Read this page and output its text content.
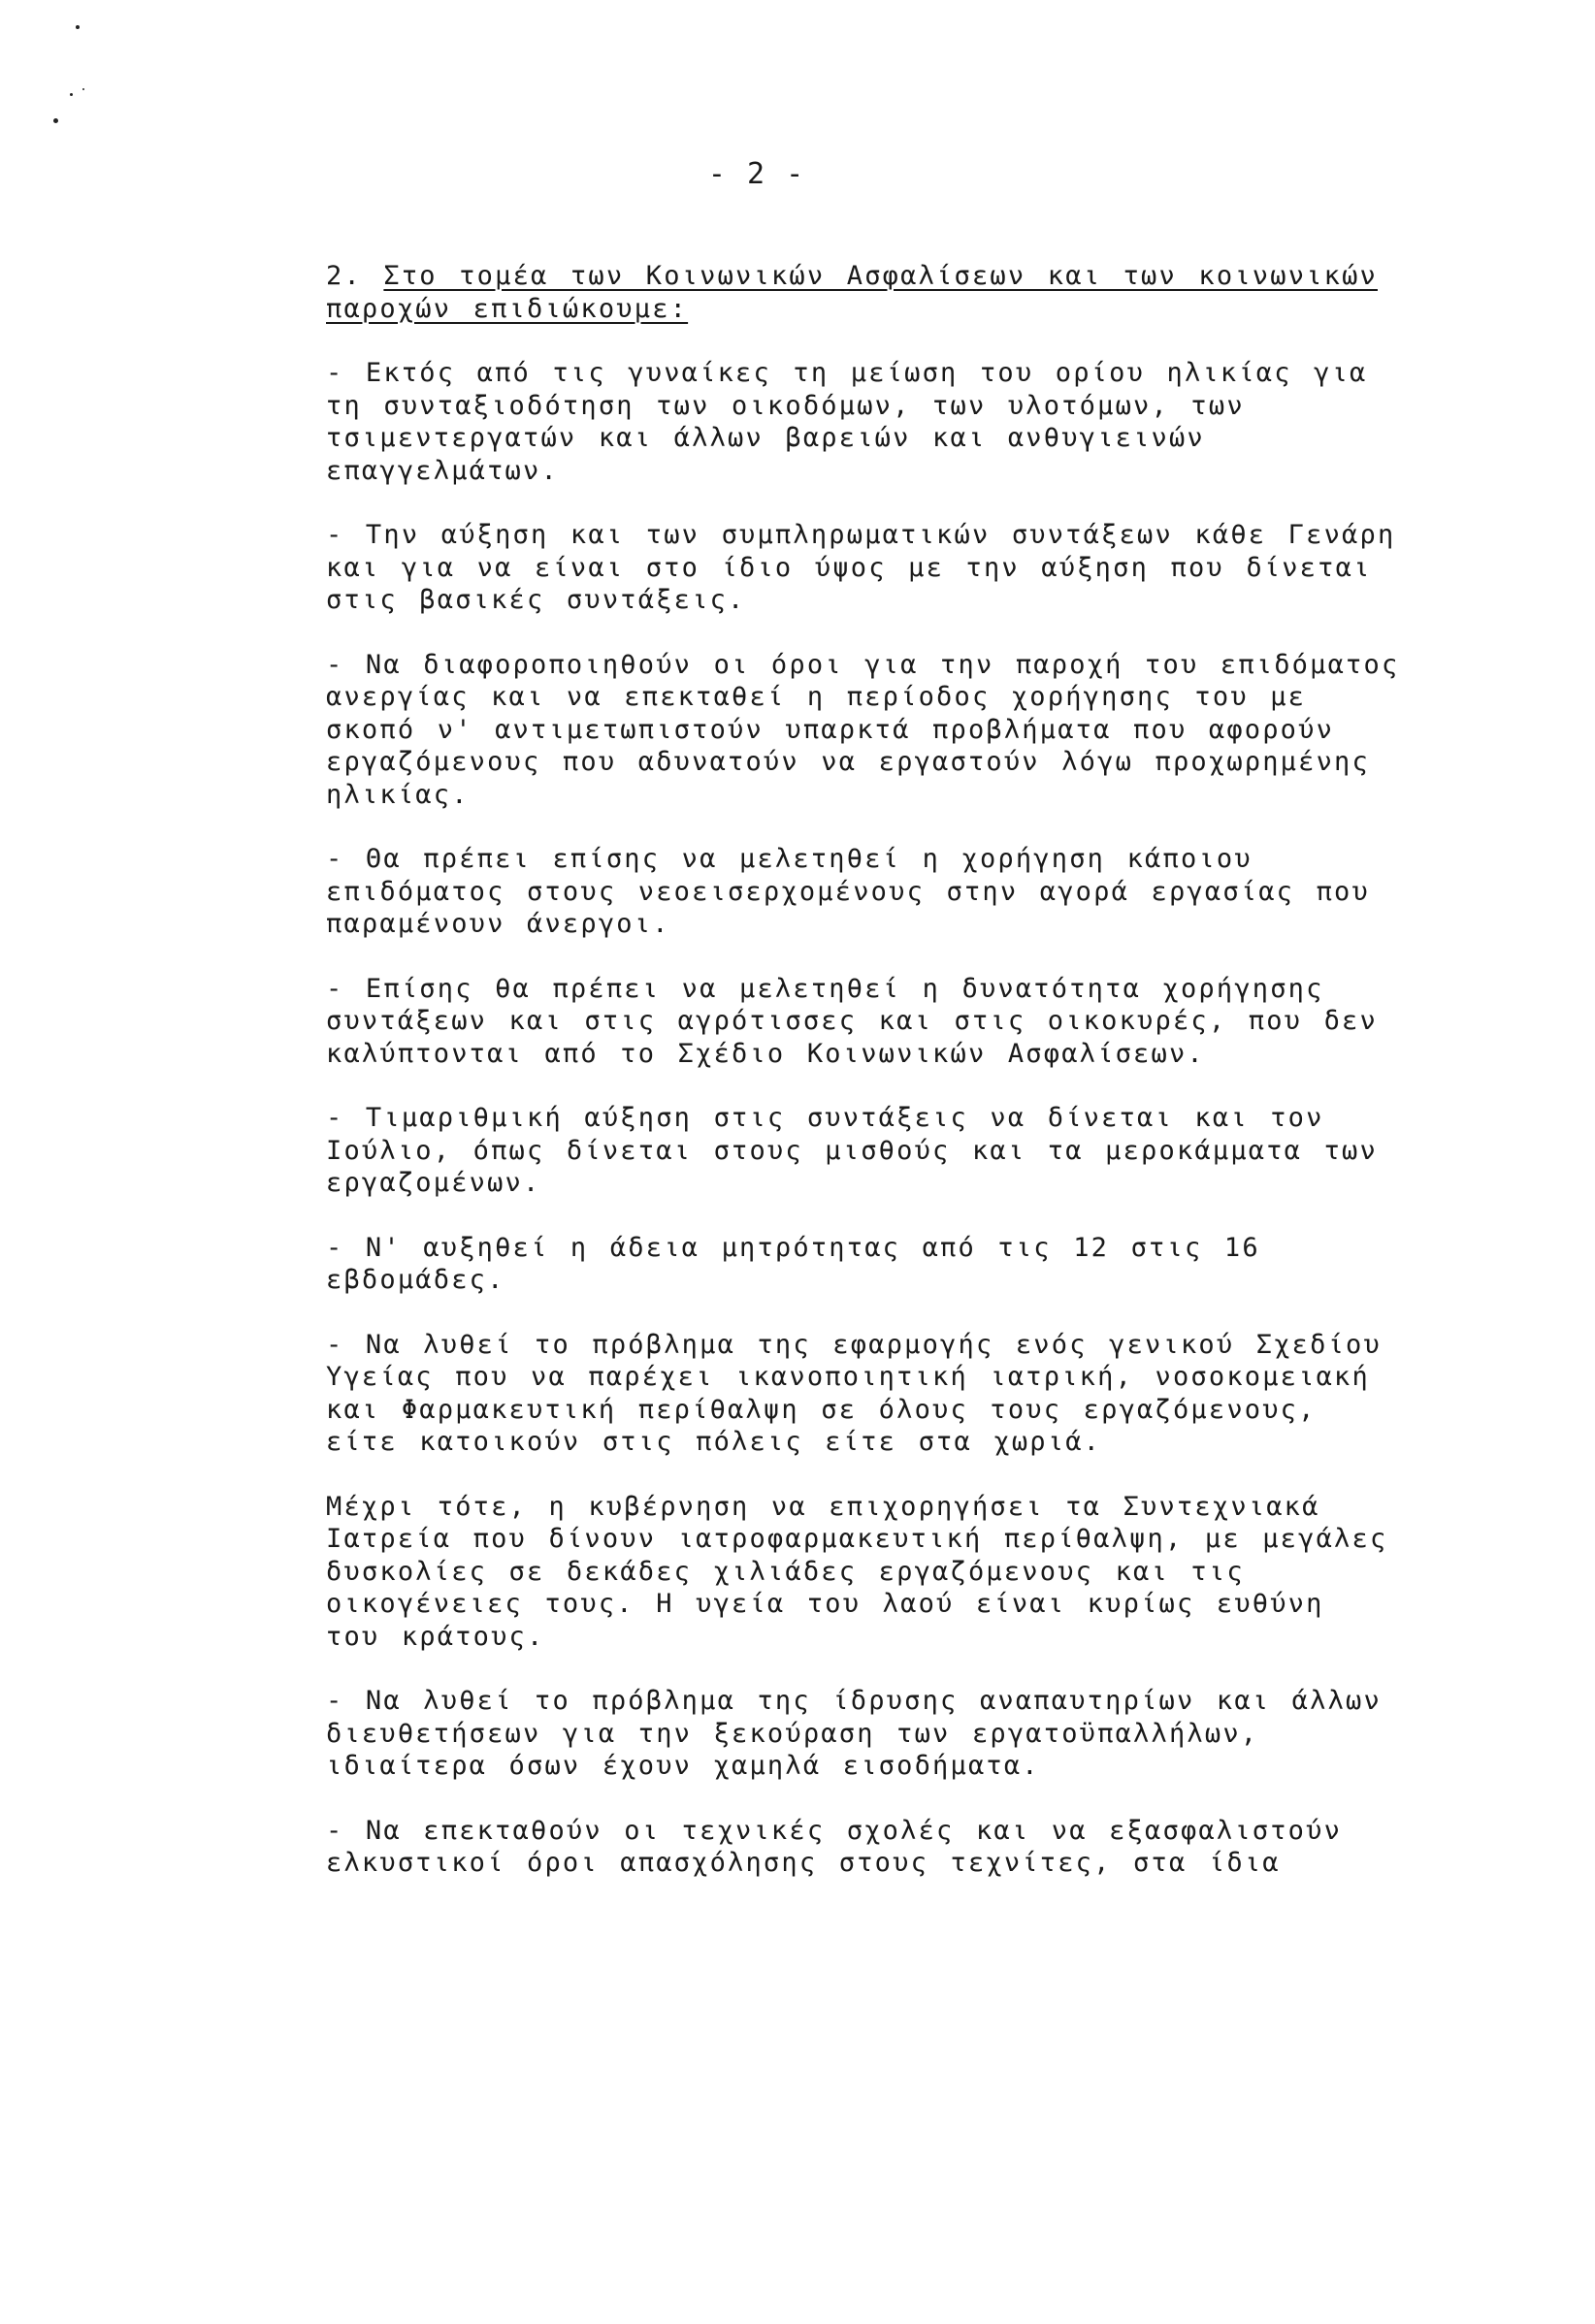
- 2 -
2. Στο τομέα των Κοινωνικών Ασφαλίσεων και των κοινωνικών
παροχών επιδιώκουμε:
- Εκτός από τις γυναίκες τη μείωση του ορίου ηλικίας για
τη συνταξιοδότηση των οικοδόμων, των υλοτόμων, των
τσιμεντεργατών και άλλων βαρειών και ανθυγιεινών
επαγγελμάτων.
- Την αύξηση και των συμπληρωματικών συντάξεων κάθε Γενάρη
και για να είναι στο ίδιο ύψος με την αύξηση που δίνεται
στις βασικές συντάξεις.
- Να διαφοροποιηθούν οι όροι για την παροχή του επιδόματος
ανεργίας και να επεκταθεί η περίοδος χορήγησης του με
σκοπό ν' αντιμετωπιστούν υπαρκτά προβλήματα που αφορούν
εργαζόμενους που αδυνατούν να εργαστούν λόγω προχωρημένης
ηλικίας.
- Θα πρέπει επίσης να μελετηθεί η χορήγηση κάποιου
επιδόματος στους νεοεισερχομένους στην αγορά εργασίας που
παραμένουν άνεργοι.
- Επίσης θα πρέπει να μελετηθεί η δυνατότητα χορήγησης
συντάξεων και στις αγρότισσες και στις οικοκυρές, που δεν
καλύπτονται από το Σχέδιο Κοινωνικών Ασφαλίσεων.
- Τιμαριθμική αύξηση στις συντάξεις να δίνεται και τον
Ιούλιο, όπως δίνεται στους μισθούς και τα μεροκάμματα των
εργαζομένων.
- Ν' αυξηθεί η άδεια μητρότητας από τις 12 στις 16
εβδομάδες.
- Να λυθεί το πρόβλημα της εφαρμογής ενός γενικού Σχεδίου
Υγείας που να παρέχει ικανοποιητική ιατρική, νοσοκομειακή
και Φαρμακευτική περίθαλψη σε όλους τους εργαζόμενους,
είτε κατοικούν στις πόλεις είτε στα χωριά.
Μέχρι τότε, η κυβέρνηση να επιχορηγήσει τα Συντεχνιακά
Ιατρεία που δίνουν ιατροφαρμακευτική περίθαλψη, με μεγάλες
δυσκολίες σε δεκάδες χιλιάδες εργαζόμενους και τις
οικογένειες τους. Η υγεία του λαού είναι κυρίως ευθύνη
του κράτους.
- Να λυθεί το πρόβλημα της ίδρυσης αναπαυτηρίων και άλλων
διευθετήσεων για την ξεκούραση των εργατοϋπαλλήλων,
ιδιαίτερα όσων έχουν χαμηλά εισοδήματα.
- Να επεκταθούν οι τεχνικές σχολές και να εξασφαλιστούν
ελκυστικοί όροι απασχόλησης στους τεχνίτες, στα ίδια
